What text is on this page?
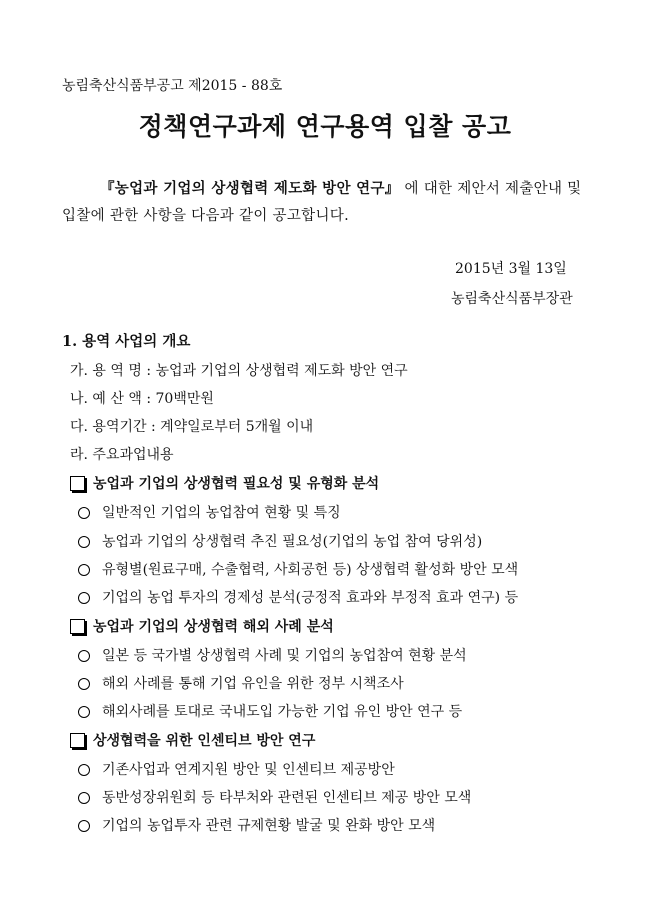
농림축산식품부공고 제2015 - 88호
정책연구과제 연구용역 입찰 공고
『농업과 기업의 상생협력 제도화 방안 연구』 에 대한 제안서 제출안내 및
입찰에 관한 사항을 다음과 같이 공고합니다.
2015년 3월 13일
농림축산식품부장관
1. 용역 사업의 개요
가. 용 역 명 : 농업과 기업의 상생협력 제도화 방안 연구
나. 예 산 액 : 70백만원
다. 용역기간 : 계약일로부터 5개월 이내
라. 주요과업내용
농업과 기업의 상생협력 필요성 및 유형화 분석
일반적인 기업의 농업참여 현황 및 특징
농업과 기업의 상생협력 추진 필요성(기업의 농업 참여 당위성)
유형별(원료구매, 수출협력, 사회공헌 등) 상생협력 활성화 방안 모색
기업의 농업 투자의 경제성 분석(긍정적 효과와 부정적 효과 연구) 등
농업과 기업의 상생협력 해외 사례 분석
일본 등 국가별 상생협력 사례 및 기업의 농업참여 현황 분석
해외 사례를 통해 기업 유인을 위한 정부 시책조사
해외사례를 토대로 국내도입 가능한 기업 유인 방안 연구 등
상생협력을 위한 인센티브 방안 연구
기존사업과 연계지원 방안 및 인센티브 제공방안
동반성장위원회 등 타부처와 관련된 인센티브 제공 방안 모색
기업의 농업투자 관련 규제현황 발굴 및 완화 방안 모색
